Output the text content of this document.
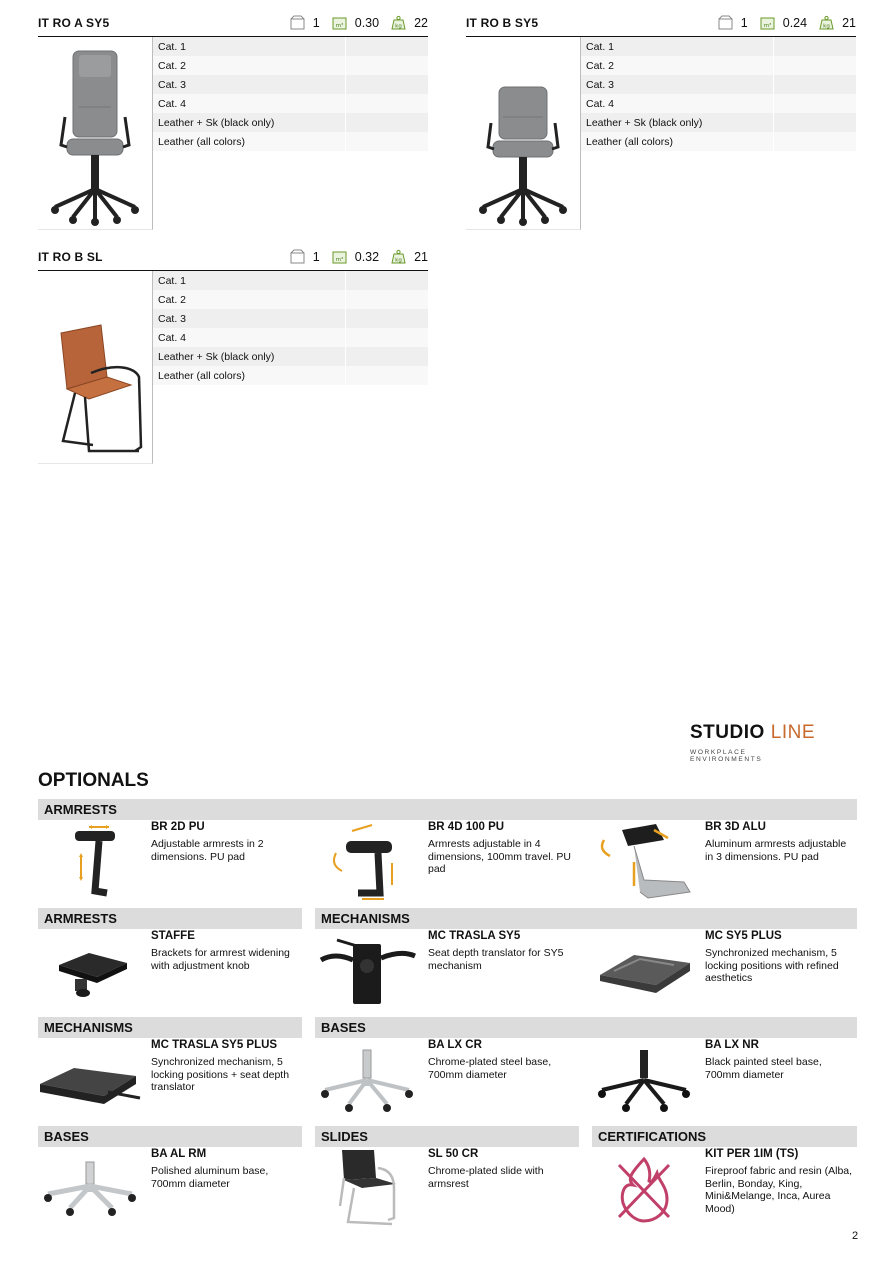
IT RO A SY5	1	m³ 0.30	kg 22
Cat. 1
Cat. 2
Cat. 3
Cat. 4
Leather + Sk (black only)
Leather (all colors)
IT RO B SY5	1	m³ 0.24	kg 21
Cat. 1
Cat. 2
Cat. 3
Cat. 4
Leather + Sk (black only)
Leather (all colors)
IT RO B SL	1	m³ 0.32	kg 21
Cat. 1
Cat. 2
Cat. 3
Cat. 4
Leather + Sk (black only)
Leather (all colors)
STUDIO LINE
WORKPLACE ENVIRONMENTS
OPTIONALS
ARMRESTS
BR 2D PU
Adjustable armrests in 2 dimensions. PU pad
BR 4D 100 PU
Armrests adjustable in 4 dimensions, 100mm travel. PU pad
BR 3D ALU
Aluminum armrests adjustable in 3 dimensions. PU pad
ARMRESTS	MECHANISMS
STAFFE
Brackets for armrest widening with adjustment knob
MC TRASLA SY5
Seat depth translator for SY5 mechanism
MC SY5 PLUS
Synchronized mechanism, 5 locking positions with refined aesthetics
MECHANISMS	BASES
MC TRASLA SY5 PLUS
Synchronized mechanism, 5 locking positions + seat depth translator
BA LX CR
Chrome-plated steel base, 700mm diameter
BA LX NR
Black painted steel base, 700mm diameter
BASES	SLIDES	CERTIFICATIONS
BA AL RM
Polished aluminum base, 700mm diameter
SL 50 CR
Chrome-plated slide with armsrest
KIT PER 1IM (TS)
Fireproof fabric and resin (Alba, Berlin, Bonday, King, Mini&Melange, Inca, Aurea Mood)
2
